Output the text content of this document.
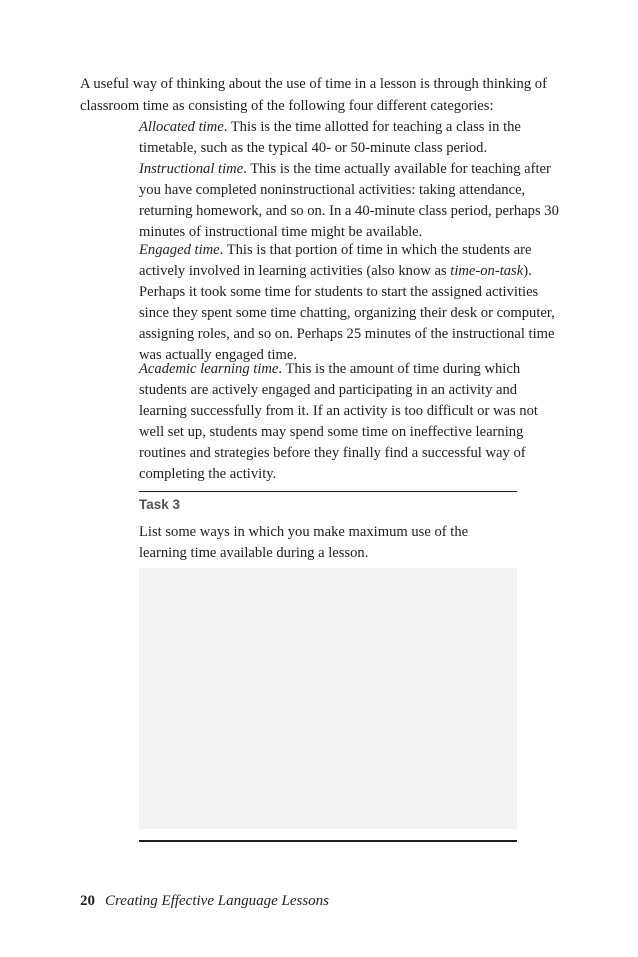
A useful way of thinking about the use of time in a lesson is through thinking of classroom time as consisting of the following four different categories:

Allocated time. This is the time allotted for teaching a class in the timetable, such as the typical 40- or 50-minute class period.

Instructional time. This is the time actually available for teaching after you have completed noninstructional activities: taking attendance, returning homework, and so on. In a 40-minute class period, perhaps 30 minutes of instructional time might be available.

Engaged time. This is that portion of time in which the students are actively involved in learning activities (also know as time-on-task). Perhaps it took some time for students to start the assigned activities since they spent some time chatting, organizing their desk or computer, assigning roles, and so on. Perhaps 25 minutes of the instructional time was actually engaged time.

Academic learning time. This is the amount of time during which students are actively engaged and participating in an activity and learning successfully from it. If an activity is too difficult or was not well set up, students may spend some time on ineffective learning routines and strategies before they finally find a successful way of completing the activity.

Task 3

List some ways in which you make maximum use of the learning time available during a lesson.

20 Creating Effective Language Lessons
